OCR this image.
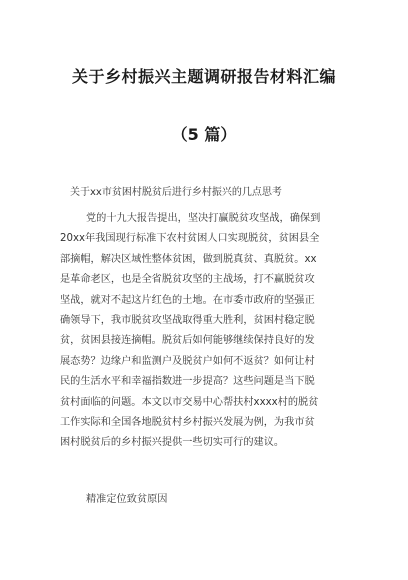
关于乡村振兴主题调研报告材料汇编
（5 篇）
关于xx市贫困村脱贫后进行乡村振兴的几点思考
党的十九大报告提出，坚决打赢脱贫攻坚战，确保到
20xx年我国现行标准下农村贫困人口实现脱贫，贫困县全
部摘帽，解决区域性整体贫困，做到脱真贫、真脱贫。xx
是革命老区，也是全省脱贫攻坚的主战场，打不赢脱贫攻
坚战，就对不起这片红色的土地。在市委市政府的坚强正
确领导下，我市脱贫攻坚战取得重大胜利，贫困村稳定脱
贫，贫困县接连摘帽。脱贫后如何能够继续保持良好的发
展态势？边缘户和监测户及脱贫户如何不返贫？如何让村
民的生活水平和幸福指数进一步提高？这些问题是当下脱
贫村面临的问题。本文以市交易中心帮扶村xxxx村的脱贫
工作实际和全国各地脱贫村乡村振兴发展为例，为我市贫
困村脱贫后的乡村振兴提供一些切实可行的建议。
精准定位致贫原因
